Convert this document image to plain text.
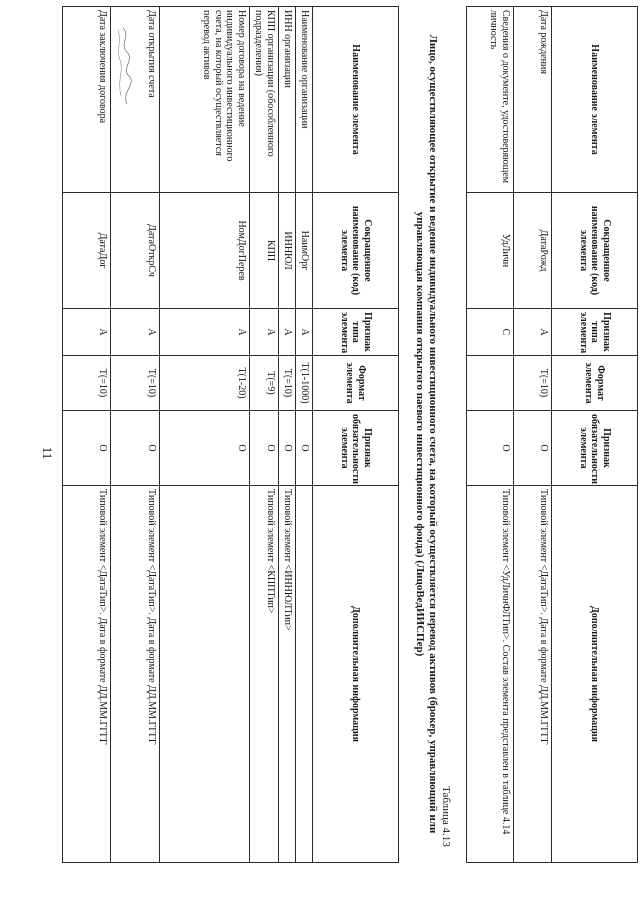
11
Наименование элемента	Сокращенное наименование (код) элемента	Признак типа элемента	Формат элемента	Признак обязательности элемента	Дополнительная информация
Дата рождения	ДатаРожд	A	T(=10)	O	Типовой элемент <ДатаТип>. Дата в формате ДД.ММ.ГГГГ
Сведения о документе, удостоверяющем личность	УдЛичн	С		O	Типовой элемент <УдЛичнФЛТип>. Состав элемента представлен в таблице 4.14
Таблица 4.13
Лицо, осуществляющее открытие и ведение индивидуального инвестиционного счета, на который осуществляется перевод активов (брокер, управляющий или управляющая компания открытого паевого инвестиционного фонда) (ЛицоВедИИСПер)
Наименование элемента	Сокращенное наименование (код) элемента	Признак типа элемента	Формат элемента	Признак обязательности элемента	Дополнительная информация
Наименование организации	НаимОрг	A	T(1-1000)	O	
ИНН организации	ИННЮЛ	A	T(=10)	O	Типовой элемент <ИННЮЛТип>
КПП организации (обособленного подразделения)	КПП	A	T(=9)	O	Типовой элемент <КППТип>
Номер договора на ведение индивидуального инвестиционного счета, на который осуществляется перевод активов	НомДогПерев	A	T(1-20)	O	
Дата открытия счета	ДатаОткрСч	A	T(=10)	O	Типовой элемент <ДатаТип>. Дата в формате ДД.ММ.ГГГГ
Дата заключения договора	ДатаДог	A	T(=10)	O	Типовой элемент <ДатаТип>. Дата в формате ДД.ММ.ГГГГ
